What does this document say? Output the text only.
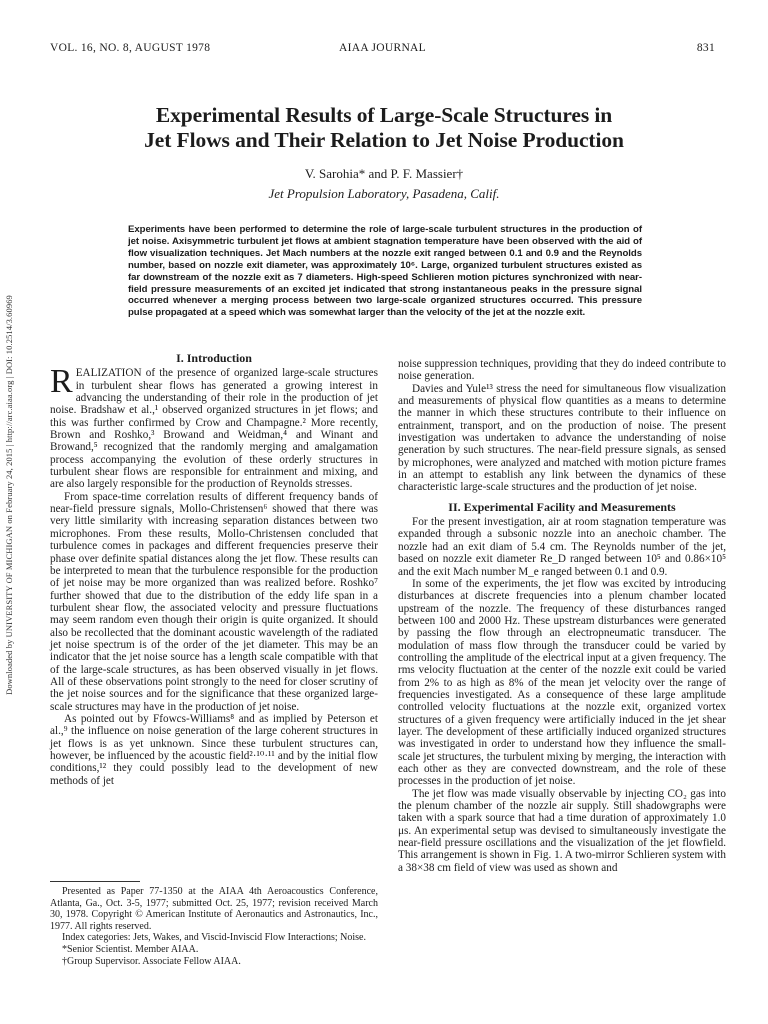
Downloaded by UNIVERSITY OF MICHIGAN on February 24, 2015 | http://arc.aiaa.org | DOI: 10.2514/3.60969
VOL. 16, NO. 8, AUGUST 1978	AIAA JOURNAL	831
Experimental Results of Large-Scale Structures in
Jet Flows and Their Relation to Jet Noise Production
V. Sarohia* and P. F. Massier†
Jet Propulsion Laboratory, Pasadena, Calif.
Experiments have been performed to determine the role of large-scale turbulent structures in the production of jet noise. Axisymmetric turbulent jet flows at ambient stagnation temperature have been observed with the aid of flow visualization techniques. Jet Mach numbers at the nozzle exit ranged between 0.1 and 0.9 and the Reynolds number, based on nozzle exit diameter, was approximately 10⁶. Large, organized turbulent structures existed as far downstream of the nozzle exit as 7 diameters. High-speed Schlieren motion pictures synchronized with near-field pressure measurements of an excited jet indicated that strong instantaneous peaks in the pressure signal occurred whenever a merging process between two large-scale organized structures occurred. This pressure pulse propagated at a speed which was somewhat larger than the velocity of the jet at the nozzle exit.
I. Introduction

REALIZATION of the presence of organized large-scale structures in turbulent shear flows has generated a growing interest in advancing the understanding of their role in the production of jet noise. Bradshaw et al.,¹ observed organized structures in jet flows; and this was further confirmed by Crow and Champagne.² More recently, Brown and Roshko,³ Browand and Weidman,⁴ and Winant and Browand,⁵ recognized that the randomly merging and amalgamation process accompanying the evolution of these orderly structures in turbulent shear flows are responsible for entrainment and mixing, and are also largely responsible for the production of Reynolds stresses.

From space-time correlation results of different frequency bands of near-field pressure signals, Mollo-Christensen⁶ showed that there was very little similarity with increasing separation distances between two microphones. From these results, Mollo-Christensen concluded that turbulence comes in packages and different frequencies preserve their phase over definite spatial distances along the jet flow. These results can be interpreted to mean that the turbulence responsible for the production of jet noise may be more organized than was realized before. Roshko⁷ further showed that due to the distribution of the eddy life span in a turbulent shear flow, the associated velocity and pressure fluctuations may seem random even though their origin is quite organized. It should also be recollected that the dominant acoustic wavelength of the radiated jet noise spectrum is of the order of the jet diameter. This may be an indicator that the jet noise source has a length scale compatible with that of the large-scale structures, as has been observed visually in jet flows. All of these observations point strongly to the need for closer scrutiny of the jet noise sources and for the significance that these organized large-scale structures may have in the production of jet noise.

As pointed out by Ffowcs-Williams⁸ and as implied by Peterson et al.,⁹ the influence on noise generation of the large coherent structures in jet flows is as yet unknown. Since these turbulent structures can, however, be influenced by the acoustic field²·¹⁰·¹¹ and by the initial flow conditions,¹² they could possibly lead to the development of new methods of jet

Presented as Paper 77-1350 at the AIAA 4th Aeroacoustics Conference, Atlanta, Ga., Oct. 3-5, 1977; submitted Oct. 25, 1977; revision received March 30, 1978. Copyright © American Institute of Aeronautics and Astronautics, Inc., 1977. All rights reserved.

Index categories: Jets, Wakes, and Viscid-Inviscid Flow Interactions; Noise.

*Senior Scientist. Member AIAA.

†Group Supervisor. Associate Fellow AIAA.

noise suppression techniques, providing that they do indeed contribute to noise generation.

Davies and Yule¹³ stress the need for simultaneous flow visualization and measurements of physical flow quantities as a means to determine the manner in which these structures contribute to their influence on entrainment, transport, and on the production of noise. The present investigation was undertaken to advance the understanding of noise generation by such structures. The near-field pressure signals, as sensed by microphones, were analyzed and matched with motion picture frames in an attempt to establish any link between the dynamics of these characteristic large-scale structures and the production of jet noise.

II. Experimental Facility and Measurements

For the present investigation, air at room stagnation temperature was expanded through a subsonic nozzle into an anechoic chamber. The nozzle had an exit diam of 5.4 cm. The Reynolds number of the jet, based on nozzle exit diameter Re_D ranged between 10⁵ and 0.86×10⁵ and the exit Mach number M_e ranged between 0.1 and 0.9.

In some of the experiments, the jet flow was excited by introducing disturbances at discrete frequencies into a plenum chamber located upstream of the nozzle. The frequency of these disturbances ranged between 100 and 2000 Hz. These upstream disturbances were generated by passing the flow through an electropneumatic transducer. The modulation of mass flow through the transducer could be varied by controlling the amplitude of the electrical input at a given frequency. The rms velocity fluctuation at the center of the nozzle exit could be varied from 2% to as high as 8% of the mean jet velocity over the range of frequencies investigated. As a consequence of these large amplitude controlled velocity fluctuations at the nozzle exit, organized vortex structures of a given frequency were artificially induced in the jet shear layer. The development of these artificially induced organized structures was investigated in order to understand how they influence the small-scale jet structures, the turbulent mixing by merging, the interaction with each other as they are convected downstream, and the role of these processes in the production of jet noise.

The jet flow was made visually observable by injecting CO₂ gas into the plenum chamber of the nozzle air supply. Still shadowgraphs were taken with a spark source that had a time duration of approximately 1.0 μs. An experimental setup was devised to simultaneously investigate the near-field pressure oscillations and the visualization of the jet flowfield. This arrangement is shown in Fig. 1. A two-mirror Schlieren system with a 38×38 cm field of view was used as shown and
